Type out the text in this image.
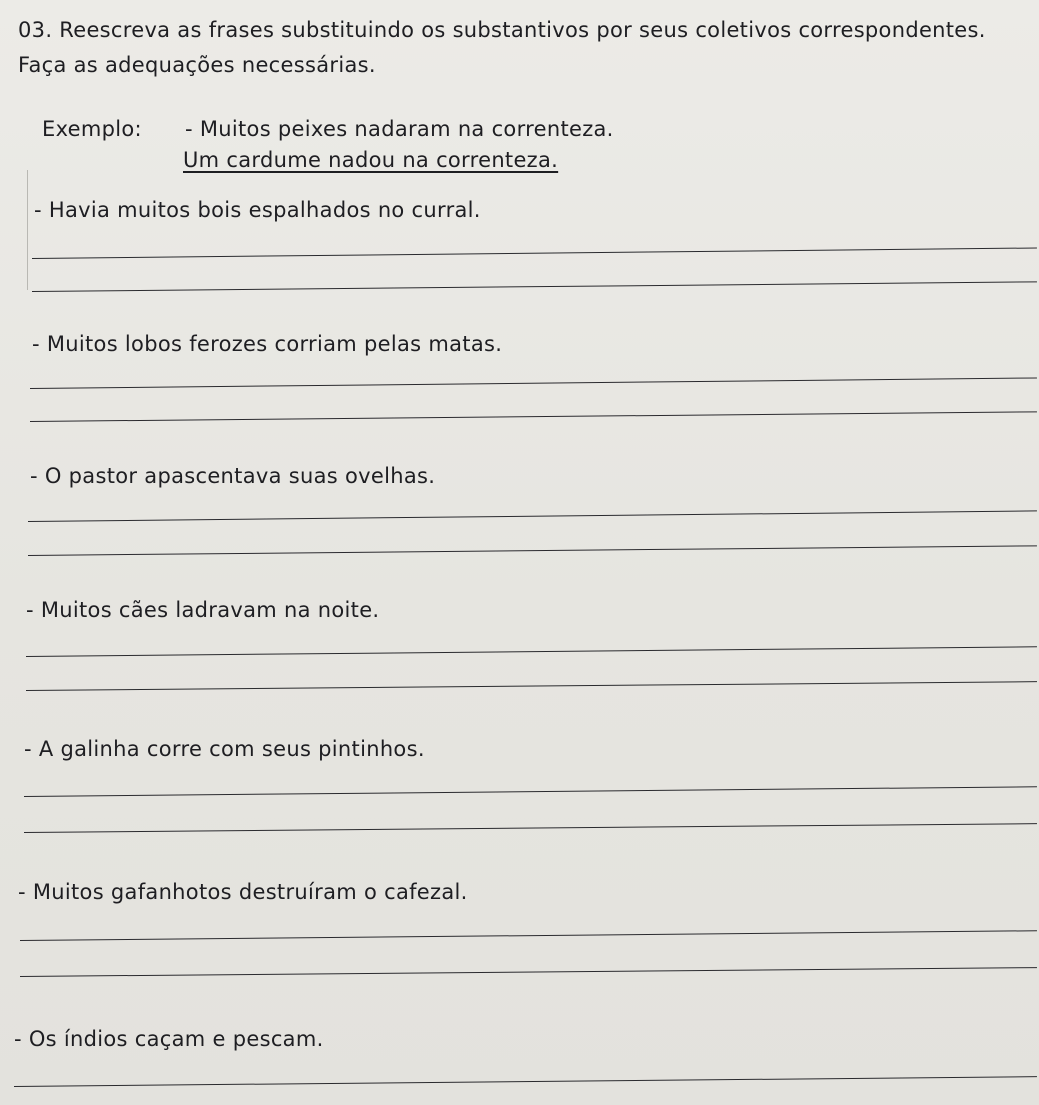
03. Reescreva as frases substituindo os substantivos por seus coletivos correspondentes.
Faça as adequações necessárias.
Exemplo: - Muitos peixes nadaram na correnteza.
Um cardume nadou na correnteza.
- Havia muitos bois espalhados no curral.
- Muitos lobos ferozes corriam pelas matas.
- O pastor apascentava suas ovelhas.
- Muitos cães ladravam na noite.
- A galinha corre com seus pintinhos.
- Muitos gafanhotos destruíram o cafezal.
- Os índios caçam e pescam.
